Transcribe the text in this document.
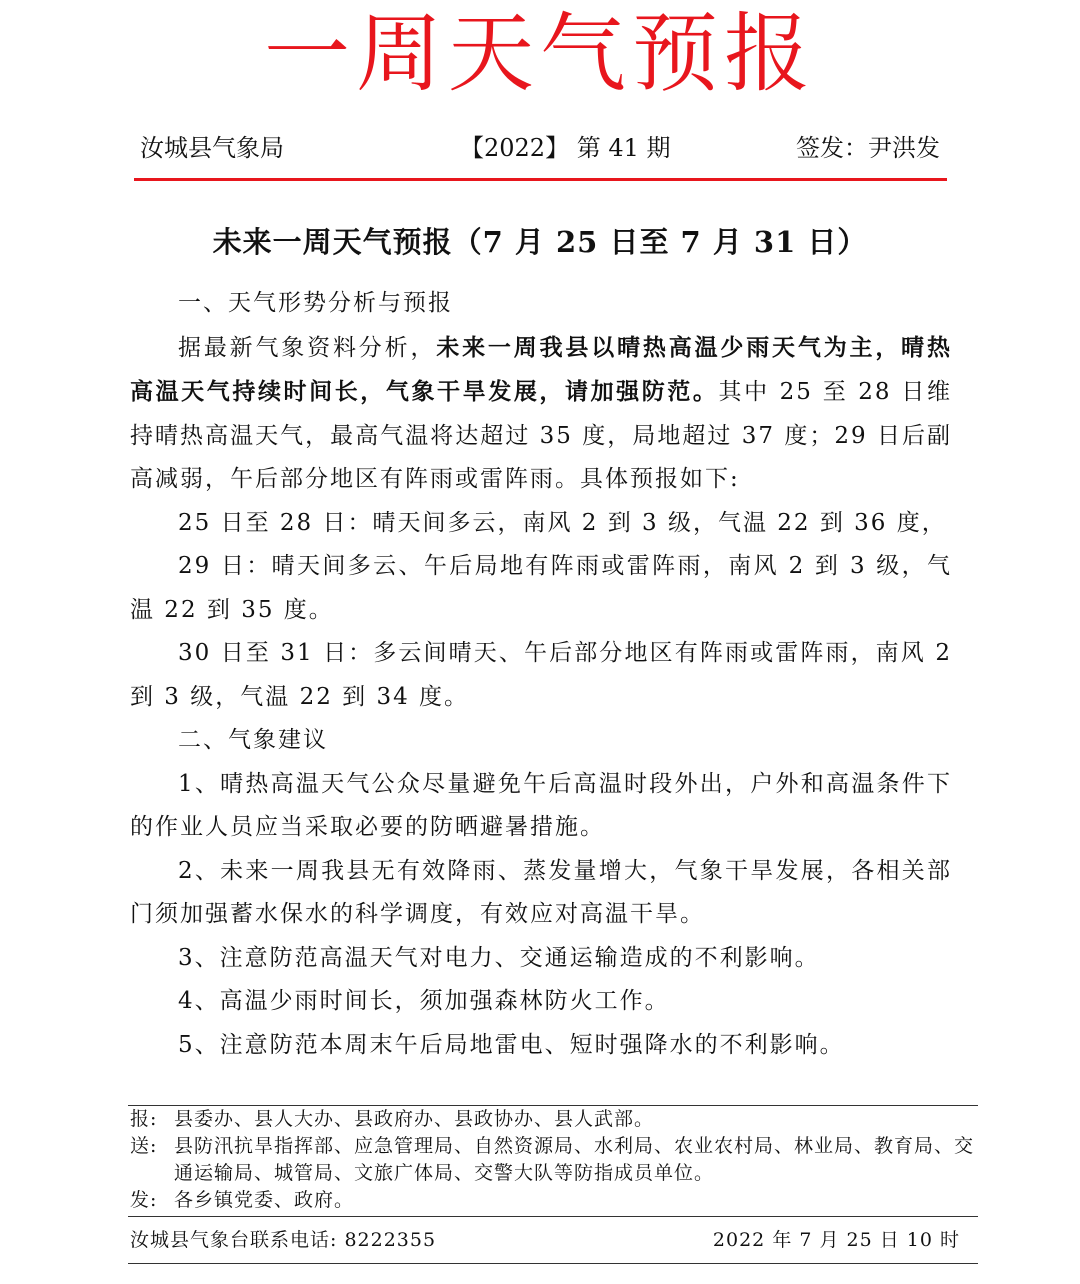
一周天气预报
汝城县气象局	【2022】 第 41 期	签发：尹洪发
未来一周天气预报（7 月 25 日至 7 月 31 日）
一、天气形势分析与预报

据最新气象资料分析，未来一周我县以晴热高温少雨天气为主，晴热高温天气持续时间长，气象干旱发展，请加强防范。其中 25 至 28 日维持晴热高温天气，最高气温将达超过 35 度，局地超过 37 度；29 日后副高减弱，午后部分地区有阵雨或雷阵雨。具体预报如下:

25 日至 28 日：晴天间多云，南风 2 到 3 级，气温 22 到 36 度，

29 日：晴天间多云、午后局地有阵雨或雷阵雨，南风 2 到 3 级，气温 22 到 35 度。

30 日至 31 日：多云间晴天、午后部分地区有阵雨或雷阵雨，南风 2 到 3 级，气温 22 到 34 度。

二、气象建议

1、晴热高温天气公众尽量避免午后高温时段外出，户外和高温条件下的作业人员应当采取必要的防晒避暑措施。

2、未来一周我县无有效降雨、蒸发量增大，气象干旱发展，各相关部门须加强蓄水保水的科学调度，有效应对高温干旱。

3、注意防范高温天气对电力、交通运输造成的不利影响。

4、高温少雨时间长，须加强森林防火工作。

5、注意防范本周末午后局地雷电、短时强降水的不利影响。

报: 县委办、县人大办、县政府办、县政协办、县人武部。
送: 县防汛抗旱指挥部、应急管理局、自然资源局、水利局、农业农村局、林业局、教育局、交通运输局、城管局、文旅广体局、交警大队等防指成员单位。
发: 各乡镇党委、政府。
汝城县气象台联系电话: 8222355	2022 年 7 月 25 日 10 时
